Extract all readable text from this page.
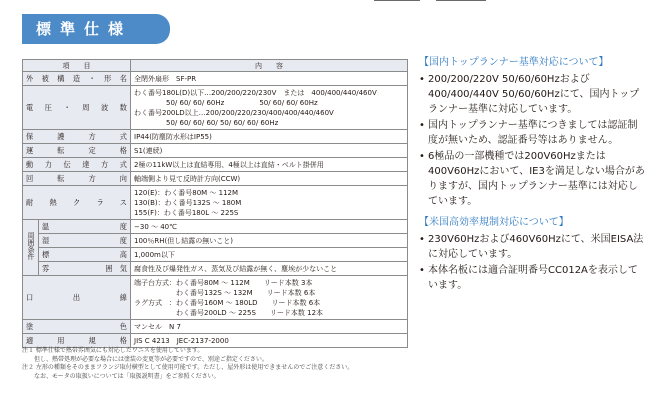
標準仕様
項　　目		内　　容
外被構造・形名		全閉外扇形　SF-PR
電圧・周波数		わく番号180L(D)以下…200/200/220/230V　または　400/400/440/460V
50/ 60/ 60/ 60Hz　　　　　50/ 60/ 60/ 60Hz
わく番号200LD以上…200/200/220/230/400/400/440/460V
50/ 60/ 60/ 60/ 50/ 60/ 60/ 60Hz

保護方式		IP44(防塵防水形はIP55)
運転定格		S1(連続)
動力伝達方式		2極の11kW以上は直結専用、4極以上は直結・ベルト掛併用
回転方向		軸端側より見て反時計方向(CCW)
耐熱クラス		120(E)：わく番号80M 〜 112M
130(B)：わく番号132S 〜 180M
155(F)：わく番号180L 〜 225S

周囲条件	温 度	−30 〜 40℃

	湿 度	100％RH(但し結露の無いこと)

	標 高	1,000m以下

	雰 囲　気	腐食性及び爆発性ガス、蒸気及び結露が無く、塵埃が少ないこと
口出線		端子台方式：わく番号80M 〜 112M　　リード本数 3本
　　　　　　わく番号132S 〜 132M　　リード本数 6本
ラグ方式　：わく番号160M 〜 180LD　　リード本数 6本
　　　　　　わく番号200LD 〜 225S　　リード本数 12本

塗色		マンセル　N 7
適用規格		JIS C 4213　JEC-2137-2000
注１ 標準仕様で熱帯雰囲気にも対応したワニスを使用しています。
　　但し、熱帯処理が必要な場合には塗装の変更等が必要ですので、別途ご指定ください。
注２ 左形の種類をそのままフランジ取付横型として使用可能です。ただし、屋外形は使用できませんのでご注意ください。
　　なお、モータの取扱いについては「取扱説明書」をご参照ください。
【国内トップランナー基準対応について】
• 200/200/220V 50/60/60Hzおよび400/400/440V 50/60/60Hzにて、国内トップランナー基準に対応しています。
• 国内トップランナー基準につきましては認証制度が無いため、認証番号等はありません。
• 6極品の一部機種では200V60Hzまたは400V60Hzにおいて、IE3を満足しない場合がありますが、国内トップランナー基準には対応しています。
【米国高効率規制対応について】
• 230V60Hzおよび460V60Hzにて、米国EISA法に対応しています。
• 本体名板には適合証明番号CC012Aを表示しています。
